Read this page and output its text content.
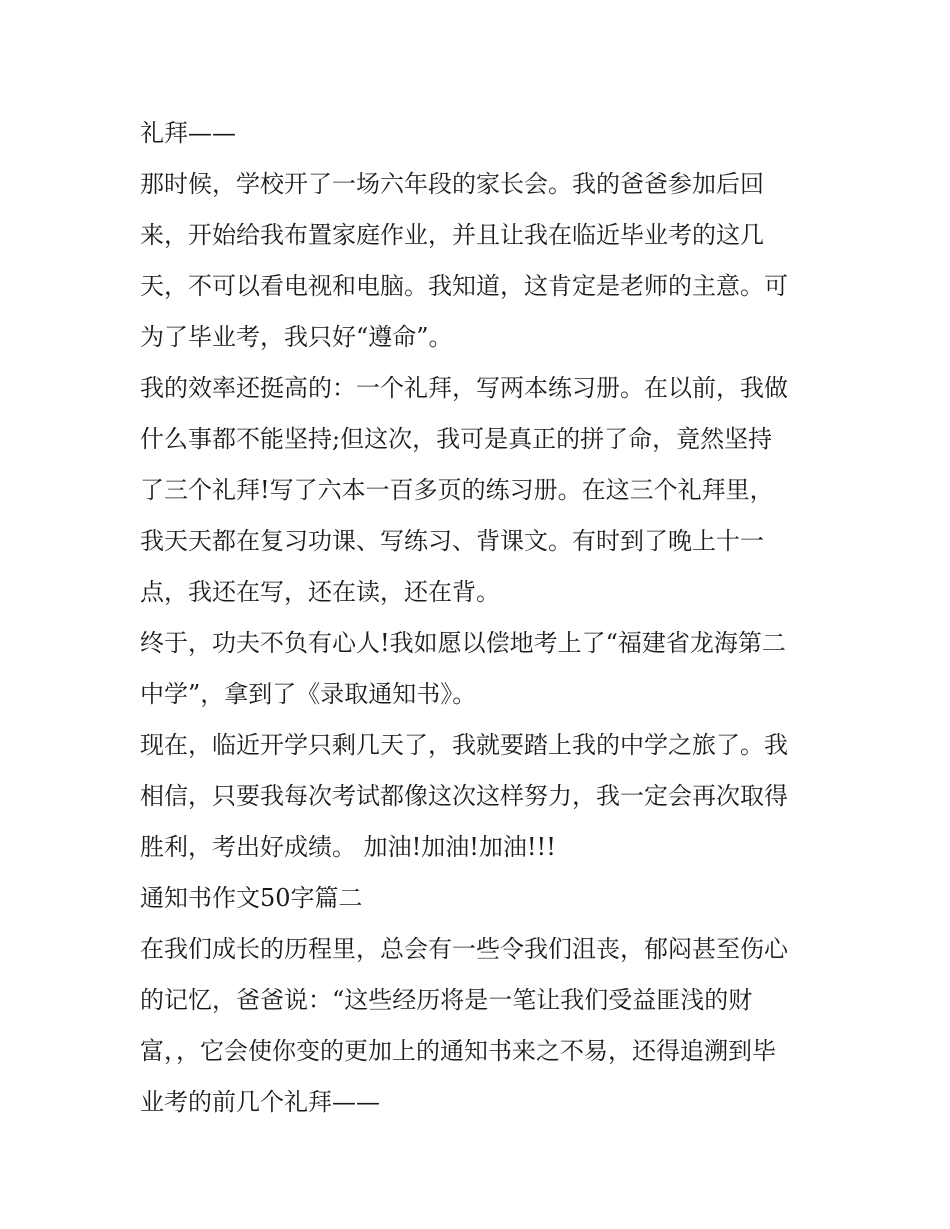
礼拜——
那时候，学校开了一场六年段的家长会。我的爸爸参加后回
来，开始给我布置家庭作业，并且让我在临近毕业考的这几
天，不可以看电视和电脑。我知道，这肯定是老师的主意。可
为了毕业考，我只好“遵命”。
我的效率还挺高的：一个礼拜，写两本练习册。在以前，我做
什么事都不能坚持;但这次，我可是真正的拼了命，竟然坚持
了三个礼拜!写了六本一百多页的练习册。在这三个礼拜里，
我天天都在复习功课、写练习、背课文。有时到了晚上十一
点，我还在写，还在读，还在背。
终于，功夫不负有心人!我如愿以偿地考上了“福建省龙海第二
中学”，拿到了《录取通知书》。
现在，临近开学只剩几天了，我就要踏上我的中学之旅了。我
相信，只要我每次考试都像这次这样努力，我一定会再次取得
胜利，考出好成绩。 加油!加油!加油!!!
通知书作文50字篇二
在我们成长的历程里，总会有一些令我们沮丧，郁闷甚至伤心
的记忆，爸爸说：“这些经历将是一笔让我们受益匪浅的财
富，，它会使你变的更加上的通知书来之不易，还得追溯到毕
业考的前几个礼拜——
